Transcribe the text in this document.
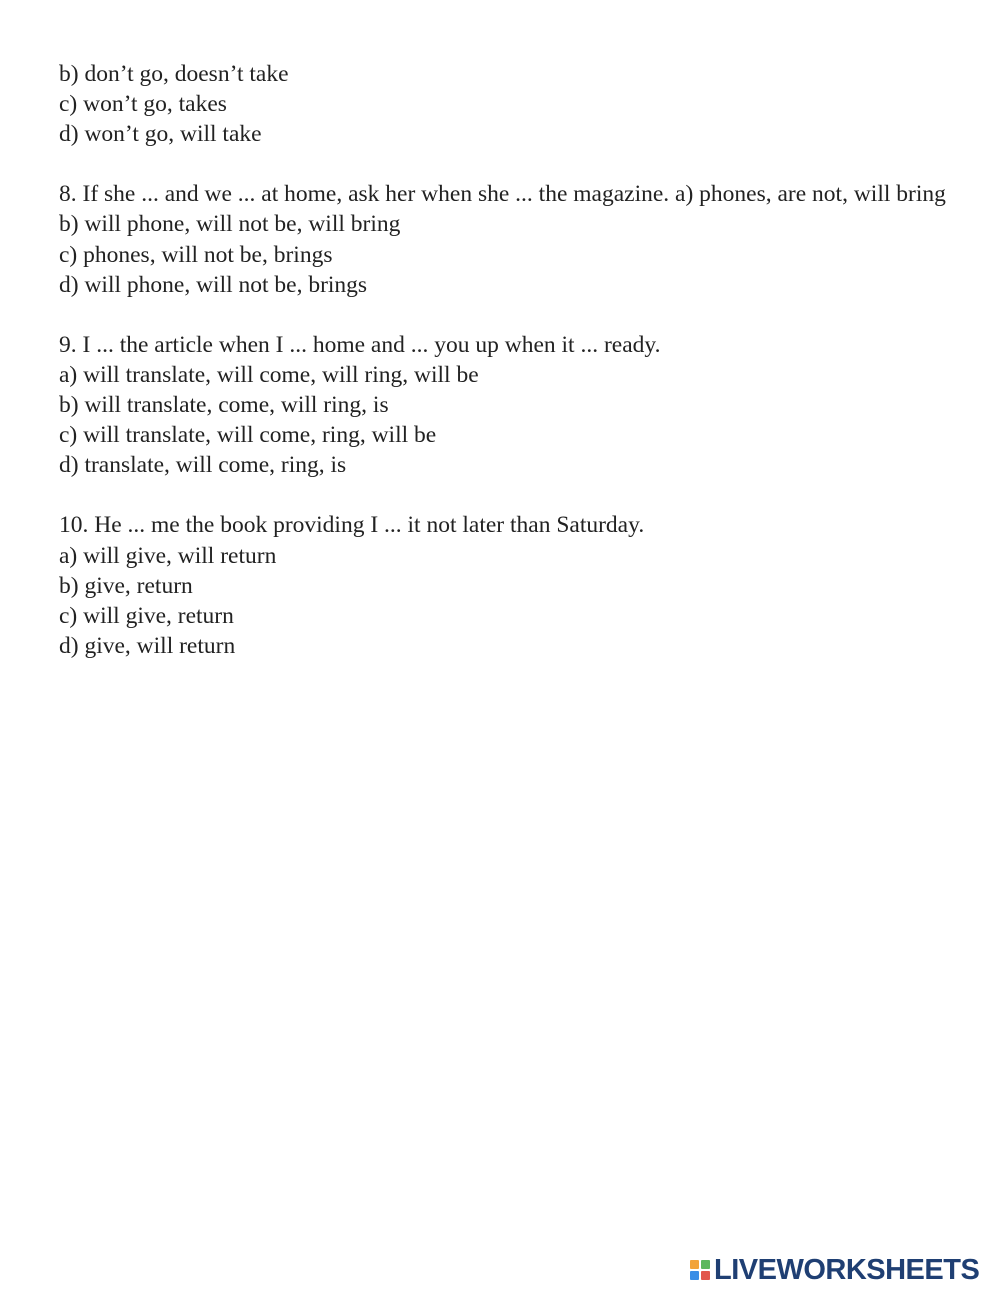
b) don’t go, doesn’t take

c) won’t go, takes

d) won’t go, will take

8. If she ... and we ... at home, ask her when she ... the magazine. a) phones, are not, will bring

b) will phone, will not be, will bring

c) phones, will not be, brings

d) will phone, will not be, brings

9. I ... the article when I ... home and ... you up when it ... ready.

a) will translate, will come, will ring, will be

b) will translate, come, will ring, is

c) will translate, will come, ring, will be

d) translate, will come, ring, is

10. He ... me the book providing I ... it not later than Saturday.

a) will give, will return

b) give, return

c) will give, return

d) give, will return

LIVEWORKSHEETS
